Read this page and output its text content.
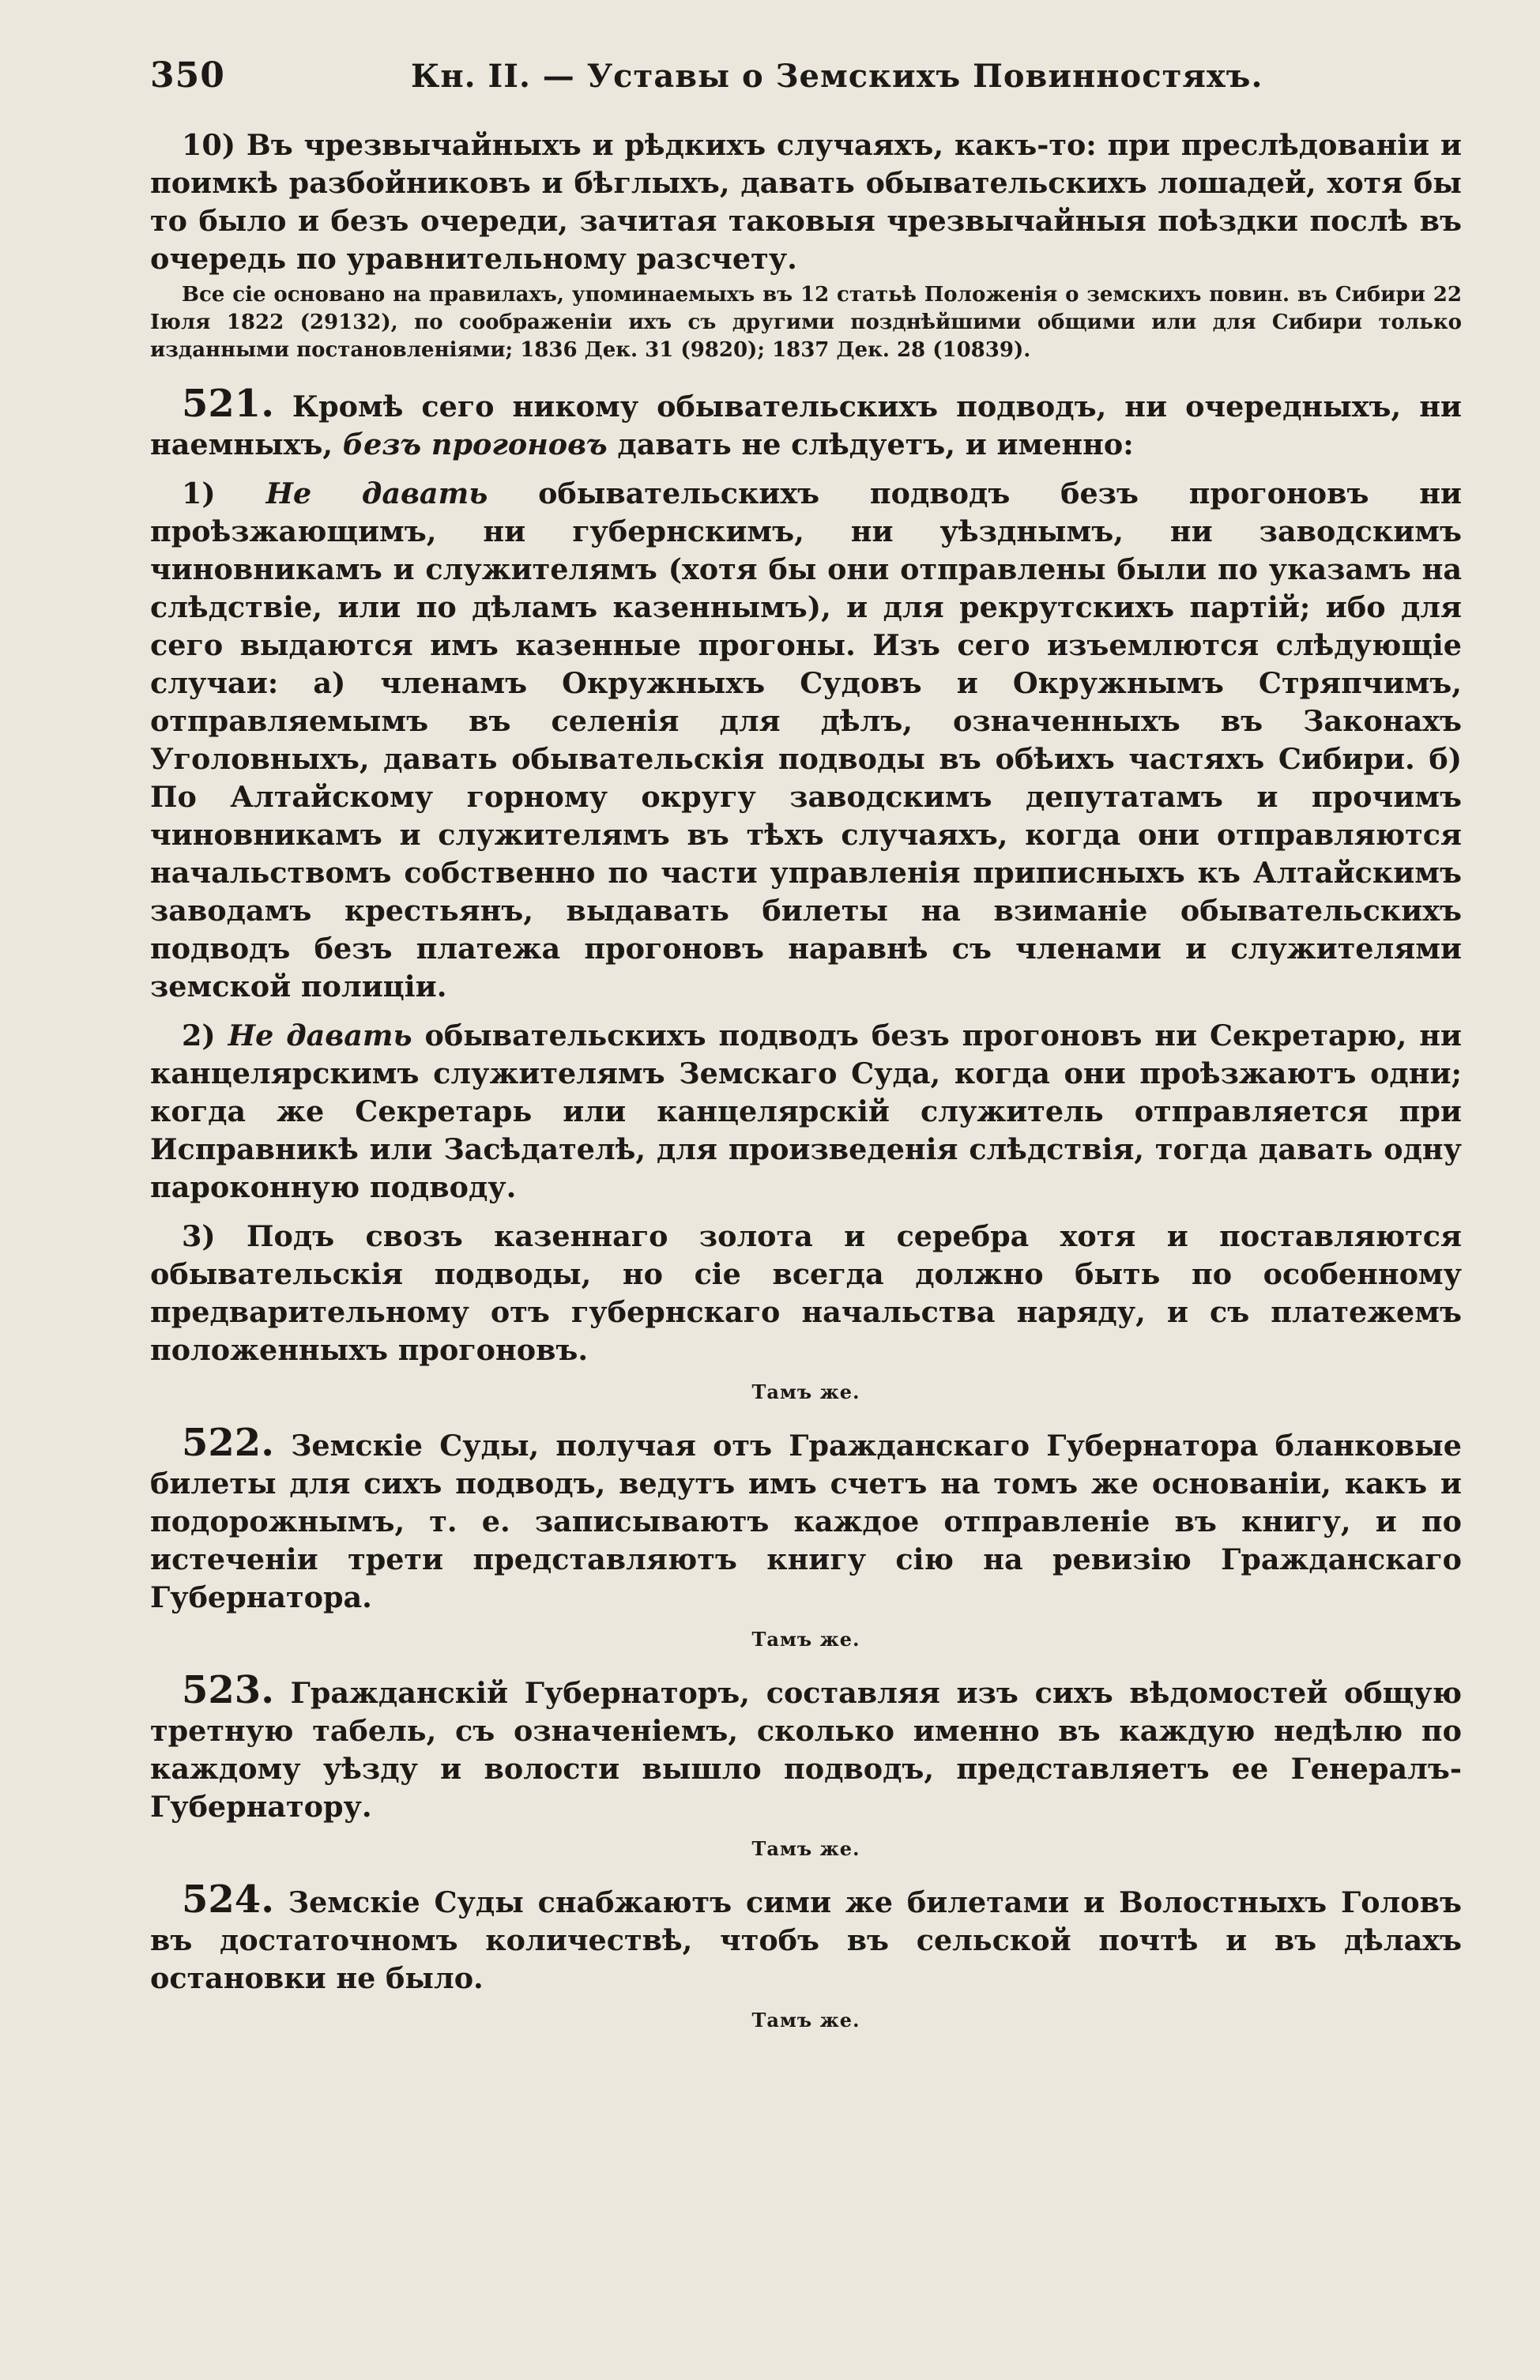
350	Кн. II. — Уставы о Земскихъ Повинностяхъ.

10) Въ чрезвычайныхъ и рѣдкихъ случаяхъ, какъ-то: при преслѣдованіи и поимкѣ разбойниковъ и бѣглыхъ, давать обывательскихъ лошадей, хотя бы то было и безъ очереди, зачитая таковыя чрезвычайныя поѣздки послѣ въ очередь по уравнительному разсчету.

Все сіе основано на правилахъ, упоминаемыхъ въ 12 статьѣ Положенія о земскихъ повин. въ Сибири 22 Іюля 1822 (29132), по соображеніи ихъ съ другими позднѣйшими общими или для Сибири только изданными постановленіями; 1836 Дек. 31 (9820); 1837 Дек. 28 (10839).

521. Кромѣ сего никому обывательскихъ подводъ, ни очередныхъ, ни наемныхъ, безъ прогоновъ давать не слѣдуетъ, и именно:

1) Не давать обывательскихъ подводъ безъ прогоновъ ни проѣзжающимъ, ни губернскимъ, ни уѣзднымъ, ни заводскимъ чиновникамъ и служителямъ (хотя бы они отправлены были по указамъ на слѣдствіе, или по дѣламъ казеннымъ), и для рекрутскихъ партій; ибо для сего выдаются имъ казенные прогоны. Изъ сего изъемлются слѣдующіе случаи: а) членамъ Окружныхъ Судовъ и Окружнымъ Стряпчимъ, отправляемымъ въ селенія для дѣлъ, означенныхъ въ Законахъ Уголовныхъ, давать обывательскія подводы въ обѣихъ частяхъ Сибири. б) По Алтайскому горному округу заводскимъ депутатамъ и прочимъ чиновникамъ и служителямъ въ тѣхъ случаяхъ, когда они отправляются начальствомъ собственно по части управленія приписныхъ къ Алтайскимъ заводамъ крестьянъ, выдавать билеты на взиманіе обывательскихъ подводъ безъ платежа прогоновъ наравнѣ съ членами и служителями земской полиціи.

2) Не давать обывательскихъ подводъ безъ прогоновъ ни Секретарю, ни канцелярскимъ служителямъ Земскаго Суда, когда они проѣзжаютъ одни; когда же Секретарь или канцелярскій служитель отправляется при Исправникѣ или Засѣдателѣ, для произведенія слѣдствія, тогда давать одну пароконную подводу.

3) Подъ свозъ казеннаго золота и серебра хотя и поставляются обывательскія подводы, но сіе всегда должно быть по особенному предварительному отъ губернскаго начальства наряду, и съ платежемъ положенныхъ прогоновъ.

Тамъ же.

522. Земскіе Суды, получая отъ Гражданскаго Губернатора бланковые билеты для сихъ подводъ, ведутъ имъ счетъ на томъ же основаніи, какъ и подорожнымъ, т. е. записываютъ каждое отправленіе въ книгу, и по истеченіи трети представляютъ книгу сію на ревизію Гражданскаго Губернатора.

Тамъ же.

523. Гражданскій Губернаторъ, составляя изъ сихъ вѣдомостей общую третную табель, съ означеніемъ, сколько именно въ каждую недѣлю по каждому уѣзду и волости вышло подводъ, представляетъ ее Генералъ-Губернатору.

Тамъ же.

524. Земскіе Суды снабжаютъ сими же билетами и Волостныхъ Головъ въ достаточномъ количествѣ, чтобъ въ сельской почтѣ и въ дѣлахъ остановки не было.

Тамъ же.
